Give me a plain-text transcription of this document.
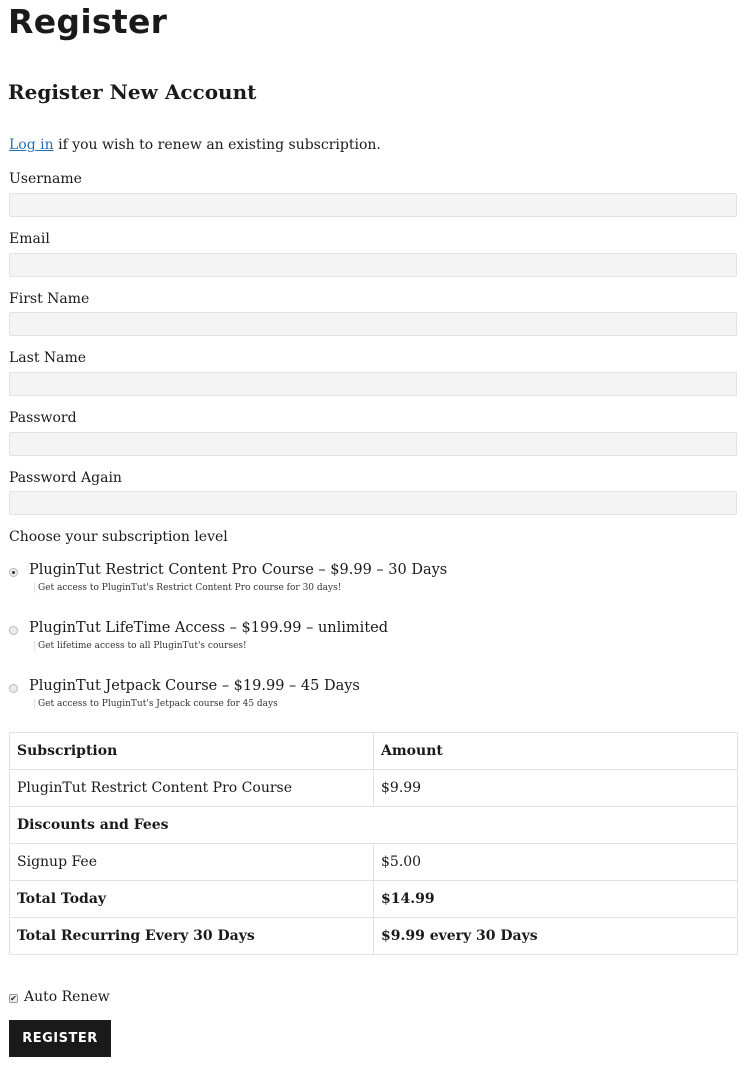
Register
Register New Account
Log in if you wish to renew an existing subscription.
Username
Email
First Name
Last Name
Password
Password Again
Choose your subscription level
PluginTut Restrict Content Pro Course – $9.99 – 30 Days
Get access to PluginTut's Restrict Content Pro course for 30 days!
PluginTut LifeTime Access – $199.99 – unlimited
Get lifetime access to all PluginTut's courses!
PluginTut Jetpack Course – $19.99 – 45 Days
Get access to PluginTut's Jetpack course for 45 days
Subscription	Amount
PluginTut Restrict Content Pro Course	$9.99
Discounts and Fees	
Signup Fee	$5.00
Total Today	$14.99
Total Recurring Every 30 Days	$9.99 every 30 Days
✔ Auto Renew
REGISTER
